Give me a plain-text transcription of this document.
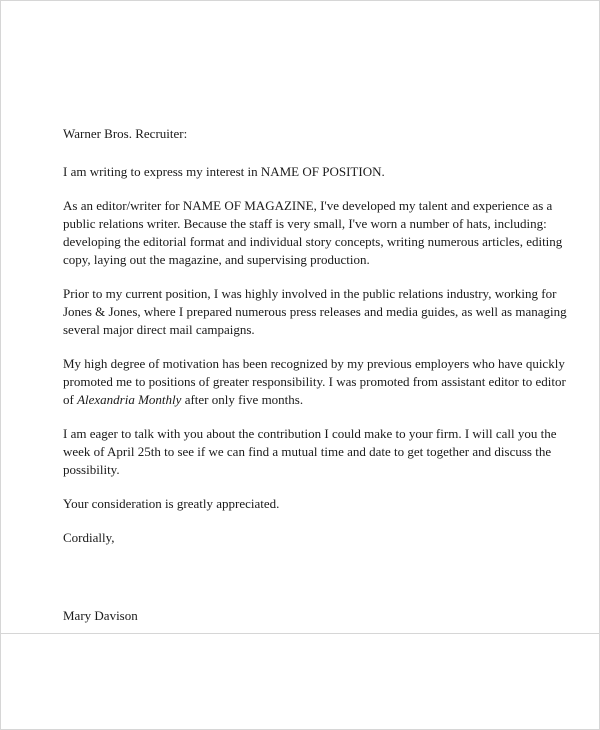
Warner Bros. Recruiter:

I am writing to express my interest in NAME OF POSITION.

As an editor/writer for NAME OF MAGAZINE, I've developed my talent and experience as a
public relations writer. Because the staff is very small, I've worn a number of hats, including:
developing the editorial format and individual story concepts, writing numerous articles, editing
copy, laying out the magazine, and supervising production.

Prior to my current position, I was highly involved in the public relations industry, working for
Jones & Jones, where I prepared numerous press releases and media guides, as well as managing
several major direct mail campaigns.

My high degree of motivation has been recognized by my previous employers who have quickly
promoted me to positions of greater responsibility. I was promoted from assistant editor to editor
of Alexandria Monthly after only five months.

I am eager to talk with you about the contribution I could make to your firm. I will call you the
week of April 25th to see if we can find a mutual time and date to get together and discuss the
possibility.

Your consideration is greatly appreciated.

Cordially,

Mary Davison
